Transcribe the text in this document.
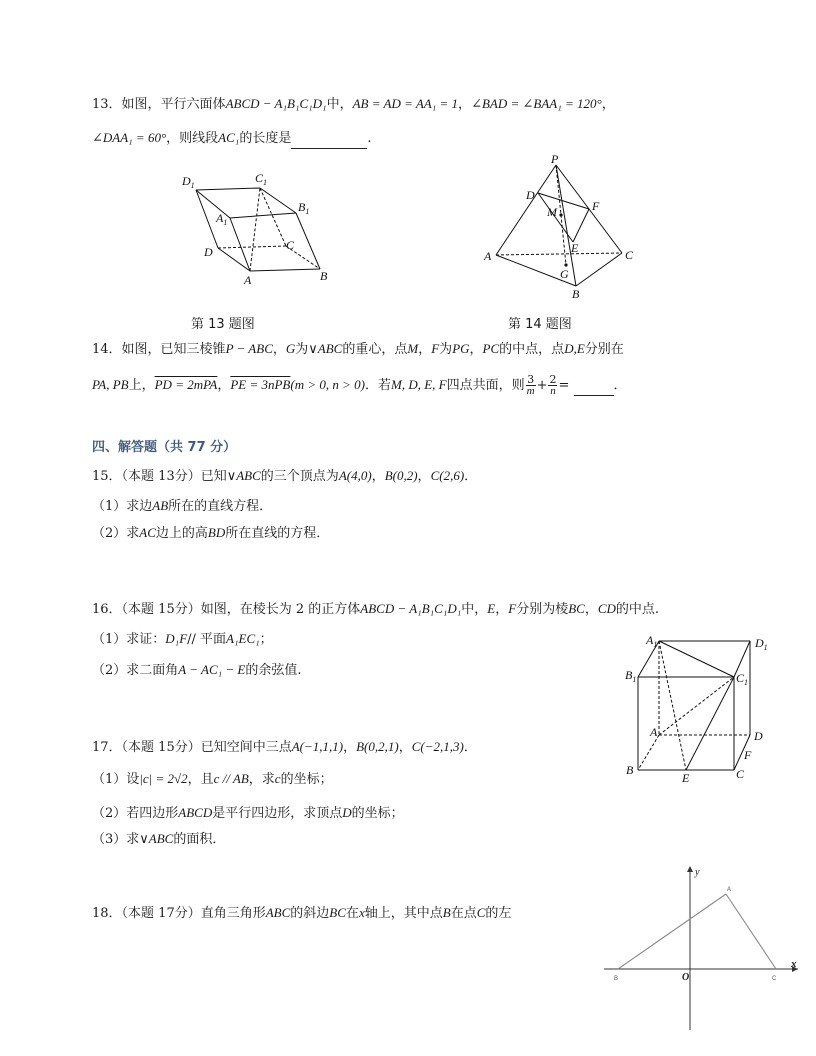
13．如图，平行六面体ABCD − A₁B₁C₁D₁中，AB = AD = AA₁ = 1，∠BAD = ∠BAA₁ = 120°，
∠DAA₁ = 60°，则线段AC₁的长度是	.
$D_1$
$C_1$
$B_1$
$A_1$
D	C
A	B
第 13 题图
P
D
M	F
E
A	C
G
B
第 14 题图
14．如图，已知三棱锥P − ABC，G为∨ABC的重心，点M，F为PG，PC的中点，点D,E分别在
PA, PB上，PD = 2mPA，PE = 3nPB(m > 0, n > 0)．若M, D, E, F四点共面，则 $\frac{3}{m} + \frac{2}{n}$ =	．
四、解答题（共 77 分）
15．（本题 13分）已知∨ABC的三个顶点为A(4,0)，B(0,2)，C(2,6)．
（1）求边AB所在的直线方程．
（2）求AC边上的高BD所在直线的方程．
16．（本题 15分）如图，在棱长为 2 的正方体ABCD − A₁B₁C₁D₁中，E，F分别为棱BC，CD的中点.
（1）求证：D₁F// 平面A₁EC₁；
（2）求二面角A − AC₁ − E的余弦值.
$A_1$	$D_1$
$B_1$	$C_1$
A	D
F
B
E	C
17．（本题 15分）已知空间中三点A(−1,1,1)，B(0,2,1)，C(−2,1,3)．
（1）设|c| = 2√2，且c // AB，求c的坐标；
（2）若四边形ABCD是平行四边形，求顶点D的坐标；
（3）求∨ABC的面积．
18．（本题 17分）直角三角形ABC的斜边BC在x轴上，其中点B在点C的左
y
x
A
B	O	C
